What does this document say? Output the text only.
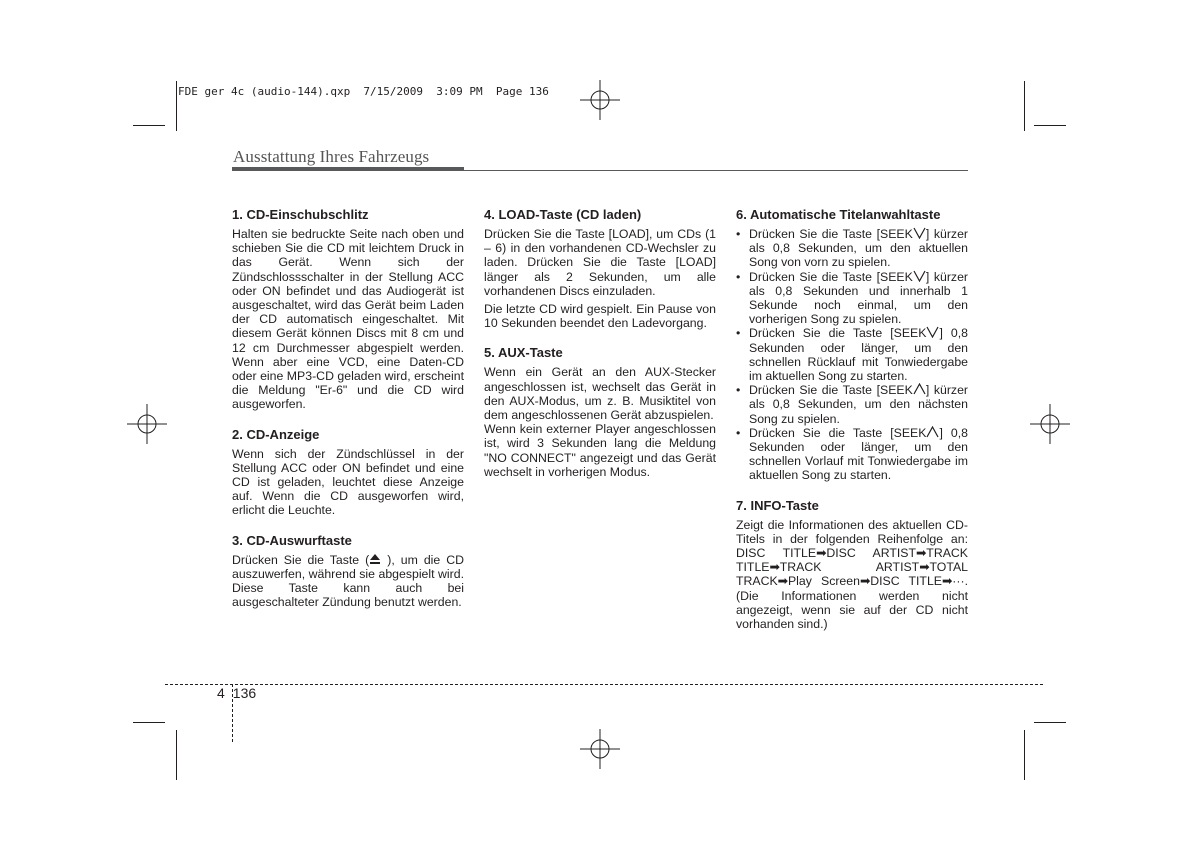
FDE ger 4c (audio-144).qxp  7/15/2009  3:09 PM  Page 136
Ausstattung Ihres Fahrzeugs
1. CD-Einschubschlitz

Halten sie bedruckte Seite nach oben und schieben Sie die CD mit leichtem Druck in das Gerät. Wenn sich der Zündschlossschalter in der Stellung ACC oder ON befindet und das Audiogerät ist ausgeschaltet, wird das Gerät beim Laden der CD automatisch eingeschaltet. Mit diesem Gerät können Discs mit 8 cm und 12 cm Durchmesser abgespielt werden. Wenn aber eine VCD, eine Daten-CD oder eine MP3-CD geladen wird, erscheint die Meldung "Er-6" und die CD wird ausgeworfen.

2. CD-Anzeige

Wenn sich der Zündschlüssel in der Stellung ACC oder ON befindet und eine CD ist geladen, leuchtet diese Anzeige auf. Wenn die CD ausgeworfen wird, erlicht die Leuchte.

3. CD-Auswurftaste

Drücken Sie die Taste ( ), um die CD auszuwerfen, während sie abgespielt wird. Diese Taste kann auch bei ausgeschalteter Zündung benutzt werden.

4. LOAD-Taste (CD laden)

Drücken Sie die Taste [LOAD], um CDs (1 – 6) in den vorhandenen CD-Wechsler zu laden. Drücken Sie die Taste [LOAD] länger als 2 Sekunden, um alle vorhandenen Discs einzuladen.

Die letzte CD wird gespielt. Ein Pause von 10 Sekunden beendet den Ladevorgang.

5. AUX-Taste

Wenn ein Gerät an den AUX-Stecker angeschlossen ist, wechselt das Gerät in den AUX-Modus, um z. B. Musiktitel von dem angeschlossenen Gerät abzuspielen.

Wenn kein externer Player angeschlossen ist, wird 3 Sekunden lang die Meldung "NO CONNECT" angezeigt und das Gerät wechselt in vorherigen Modus.

6. Automatische Titelanwahltaste
• Drücken Sie die Taste [SEEK ] kürzer als 0,8 Sekunden, um den aktuellen Song von vorn zu spielen.
• Drücken Sie die Taste [SEEK ] kürzer als 0,8 Sekunden und innerhalb 1 Sekunde noch einmal, um den vorherigen Song zu spielen.
• Drücken Sie die Taste [SEEK ] 0,8 Sekunden oder länger, um den schnellen Rücklauf mit Tonwiedergabe im aktuellen Song zu starten.
• Drücken Sie die Taste [SEEK ] kürzer als 0,8 Sekunden, um den nächsten Song zu spielen.
• Drücken Sie die Taste [SEEK ] 0,8 Sekunden oder länger, um den schnellen Vorlauf mit Tonwiedergabe im aktuellen Song zu starten.
7. INFO-Taste

Zeigt die Informationen des aktuellen CD-Titels in der folgenden Reihenfolge an: DISC TITLE➡DISC ARTIST➡TRACK TITLE➡TRACK ARTIST➡TOTAL TRACK➡Play Screen➡DISC TITLE➡···.(Die Informationen werden nicht angezeigt, wenn sie auf der CD nicht vorhanden sind.)

4 136
